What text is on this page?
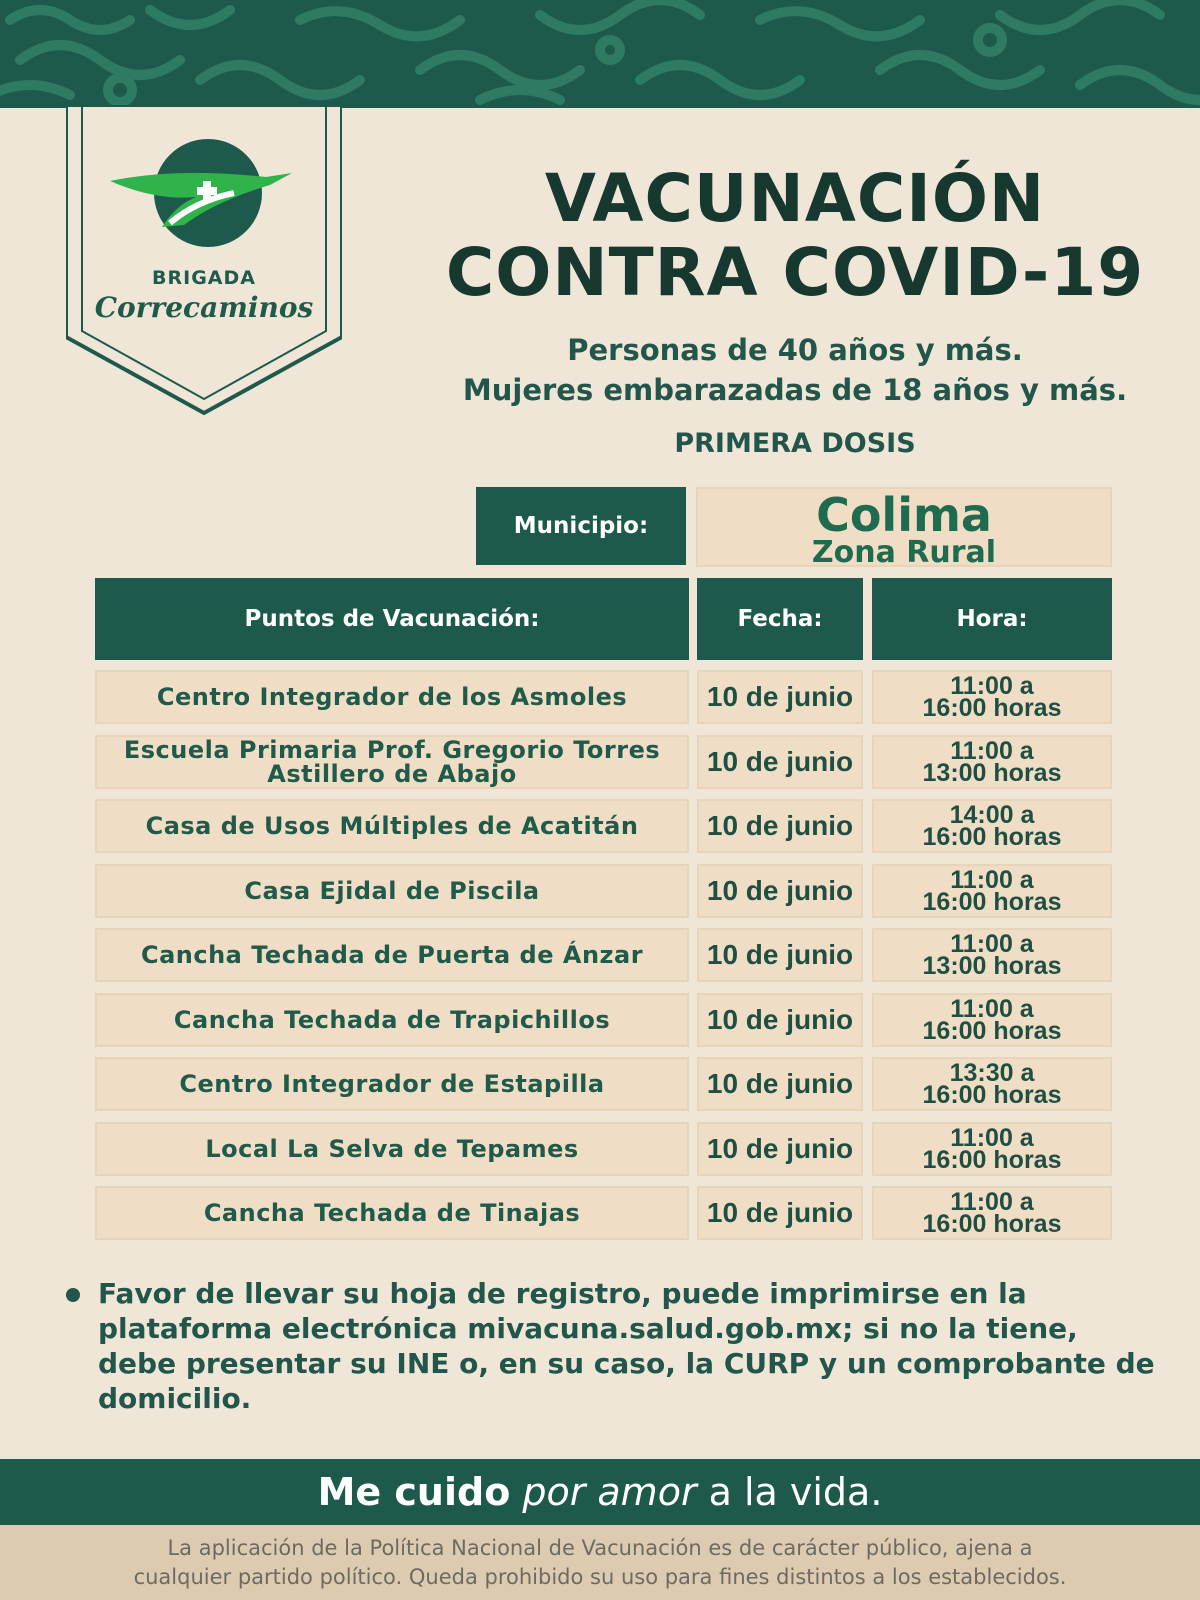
BRIGADA
Correcaminos
VACUNACIÓN
CONTRA COVID-19
Personas de 40 años y más.
Mujeres embarazadas de 18 años y más.
PRIMERA DOSIS
Municipio:	Colima
Zona Rural
Puntos de Vacunación:	Fecha:	Hora:
Centro Integrador de los Asmoles	10 de junio	11:00 a
16:00 horas
Escuela Primaria Prof. Gregorio Torres
Astillero de Abajo	10 de junio	11:00 a
13:00 horas
Casa de Usos Múltiples de Acatitán 10 de junio	14:00 a
16:00 horas
Casa Ejidal de Piscila	10 de junio	11:00 a
16:00 horas
Cancha Techada de Puerta de Ánzar 10 de junio	11:00 a
13:00 horas
Cancha Techada de Trapichillos	10 de junio	11:00 a
16:00 horas
Centro Integrador de Estapilla	10 de junio	13:30 a
16:00 horas
Local La Selva de Tepames	10 de junio	11:00 a
16:00 horas
Cancha Techada de Tinajas	10 de junio	11:00 a
16:00 horas
Favor de llevar su hoja de registro, puede imprimirse en la plataforma electrónica mivacuna.salud.gob.mx; si no la tiene, debe presentar su INE o, en su caso, la CURP y un comprobante de domicilio.
Me cuido por amor a la vida.
La aplicación de la Política Nacional de Vacunación es de carácter público, ajena a
cualquier partido político. Queda prohibido su uso para fines distintos a los establecidos.
